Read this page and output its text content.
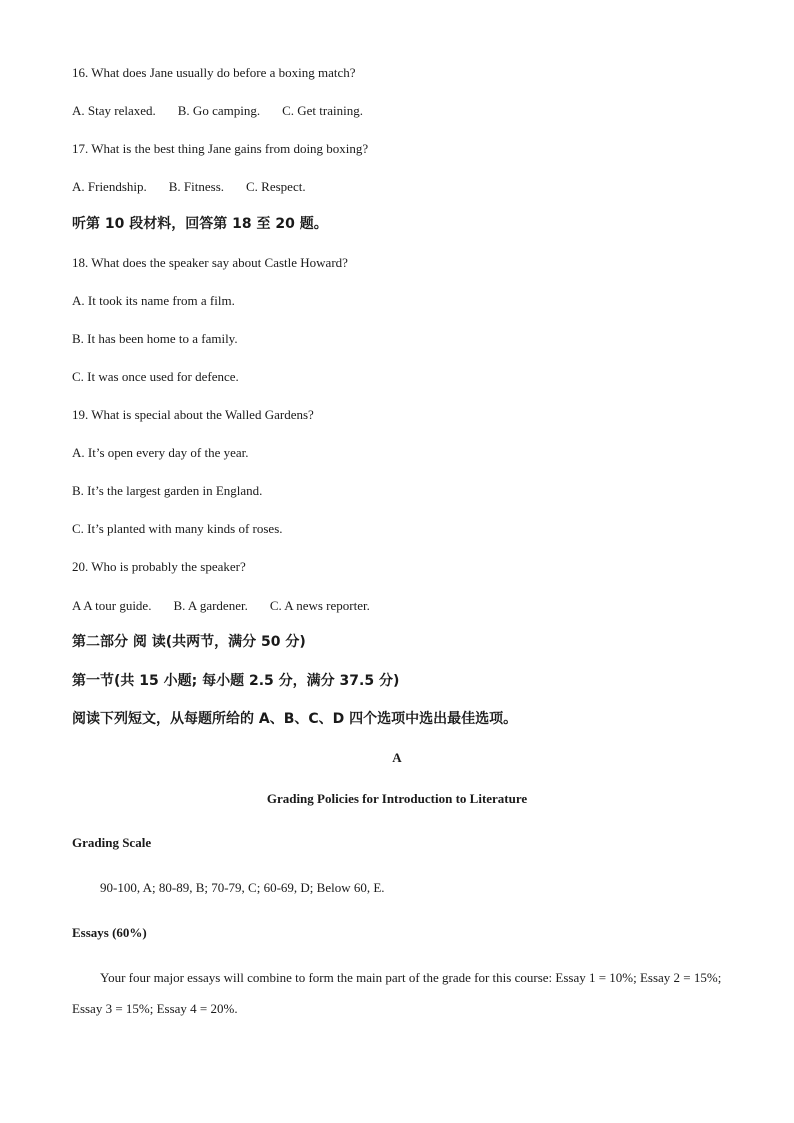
16. What does Jane usually do before a boxing match?
A. Stay relaxed. B. Go camping. C. Get training.
17. What is the best thing Jane gains from doing boxing?
A. Friendship. B. Fitness. C. Respect.
听第 10 段材料，回答第 18 至 20 题。
18. What does the speaker say about Castle Howard?
A. It took its name from a film.
B. It has been home to a family.
C. It was once used for defence.
19. What is special about the Walled Gardens?
A. It’s open every day of the year.
B. It’s the largest garden in England.
C. It’s planted with many kinds of roses.
20. Who is probably the speaker?
A A tour guide. B. A gardener. C. A news reporter.
第二部分 阅 读(共两节，满分 50 分)
第一节(共 15 小题; 每小题 2.5 分，满分 37.5 分)
阅读下列短文，从每题所给的 A、B、C、D 四个选项中选出最佳选项。
A
Grading Policies for Introduction to Literature
Grading Scale
90-100, A; 80-89, B; 70-79, C; 60-69, D; Below 60, E.
Essays (60%)
Your four major essays will combine to form the main part of the grade for this course: Essay 1 = 10%; Essay 2 = 15%; Essay 3 = 15%; Essay 4 = 20%.
